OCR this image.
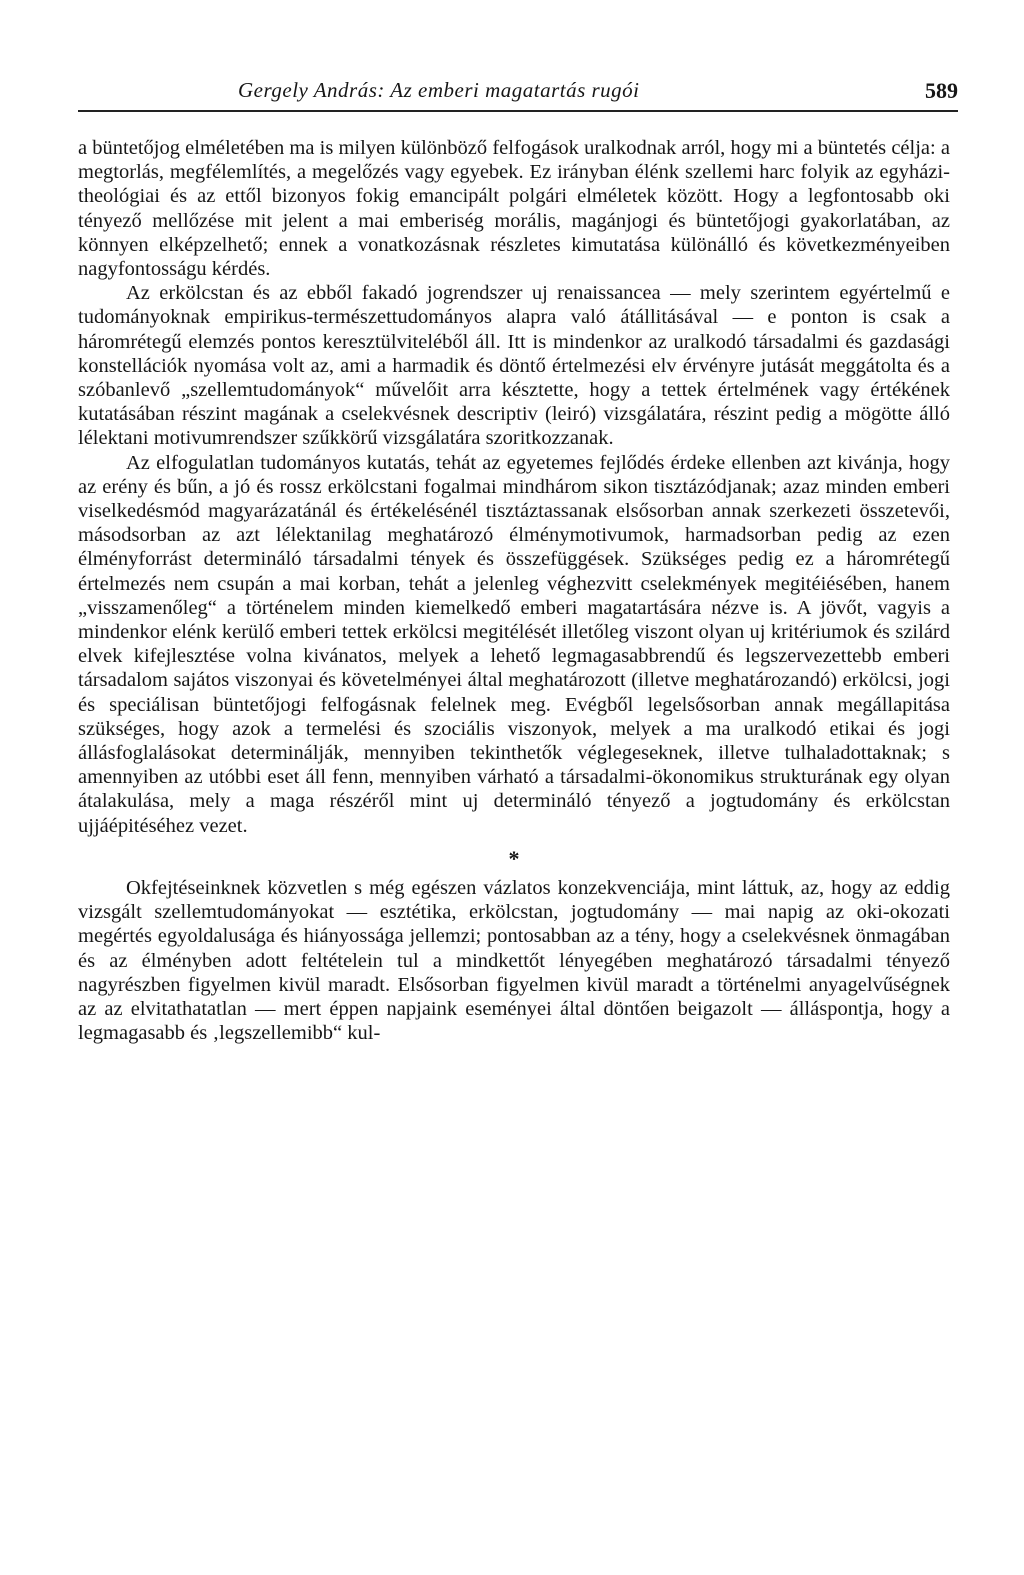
Gergely András: Az emberi magatartás rugói	589

a büntetőjog elméletében ma is milyen különböző felfogások uralkodnak arról, hogy mi a büntetés célja: a megtorlás, megfélemlítés, a megelőzés vagy egyebek. Ez irányban élénk szellemi harc folyik az egyházi-theológiai és az ettől bizonyos fokig emancipált polgári elméletek között. Hogy a legfontosabb oki tényező mellőzése mit jelent a mai emberiség morális, magánjogi és büntetőjogi gyakorlatában, az könnyen elképzelhető; ennek a vonatkozásnak részletes kimutatása különálló és következményeiben nagyfontosságu kérdés.

Az erkölcstan és az ebből fakadó jogrendszer uj renaissancea — mely szerintem egyértelmű e tudományoknak empirikus-természettudományos alapra való átállitásával — e ponton is csak a háromrétegű elemzés pontos keresztülviteléből áll. Itt is mindenkor az uralkodó társadalmi és gazdasági konstellációk nyomása volt az, ami a harmadik és döntő értelmezési elv érvényre jutását meggátolta és a szóbanlevő „szellemtudományok“ művelőit arra késztette, hogy a tettek értelmének vagy értékének kutatásában részint magának a cselekvésnek descriptiv (leiró) vizsgálatára, részint pedig a mögötte álló lélektani motivumrendszer szűkkörű vizsgálatára szoritkozzanak.

Az elfogulatlan tudományos kutatás, tehát az egyetemes fejlődés érdeke ellenben azt kivánja, hogy az erény és bűn, a jó és rossz erkölcstani fogalmai mindhárom sikon tisztázódjanak; azaz minden emberi viselkedésmód magyarázatánál és értékelésénél tisztáztassanak elsősorban annak szerkezeti összetevői, másodsorban az azt lélektanilag meghatározó élménymotivumok, harmadsorban pedig az ezen élményforrást determináló társadalmi tények és összefüggések. Szükséges pedig ez a háromrétegű értelmezés nem csupán a mai korban, tehát a jelenleg véghezvitt cselekmények megitéiésében, hanem „visszamenőleg“ a történelem minden kiemelkedő emberi magatartására nézve is. A jövőt, vagyis a mindenkor elénk kerülő emberi tettek erkölcsi megitélését illetőleg viszont olyan uj kritériumok és szilárd elvek kifejlesztése volna kivánatos, melyek a lehető legmagasabbrendű és legszervezettebb emberi társadalom sajátos viszonyai és követelményei által meghatározott (illetve meghatározandó) erkölcsi, jogi és speciálisan büntetőjogi felfogásnak felelnek meg. Evégből legelsősorban annak megállapitása szükséges, hogy azok a termelési és szociális viszonyok, melyek a ma uralkodó etikai és jogi állásfoglalásokat determinálják, mennyiben tekinthetők véglegeseknek, illetve tulhaladottaknak; s amennyiben az utóbbi eset áll fenn, mennyiben várható a társadalmi-ökonomikus strukturának egy olyan átalakulása, mely a maga részéről mint uj determináló tényező a jogtudomány és erkölcstan ujjáépitéséhez vezet.

*

Okfejtéseinknek közvetlen s még egészen vázlatos konzekvenciája, mint láttuk, az, hogy az eddig vizsgált szellemtudományokat — esztétika, erkölcstan, jogtudomány — mai napig az oki-okozati megértés egyoldalusága és hiányossága jellemzi; pontosabban az a tény, hogy a cselekvésnek önmagában és az élményben adott feltételein tul a mindkettőt lényegében meghatározó társadalmi tényező nagyrészben figyelmen kivül maradt. Elsősorban figyelmen kivül maradt a történelmi anyagelvűségnek az az elvitathatatlan — mert éppen napjaink eseményei által döntően beigazolt — álláspontja, hogy a legmagasabb és ‚legszellemibb“ kul-
